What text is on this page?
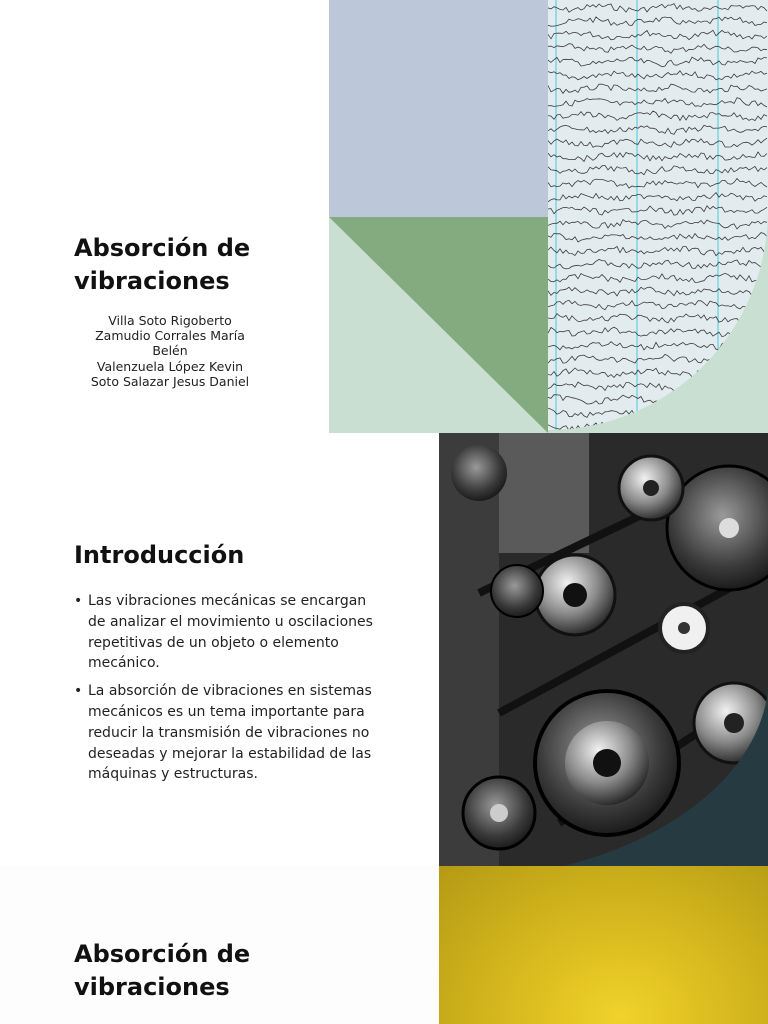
Absorción de vibraciones
Villa Soto Rigoberto
Zamudio Corrales María
Belén
Valenzuela López Kevin
Soto Salazar Jesus Daniel
Introducción
• Las vibraciones mecánicas se encargan de analizar el movimiento u oscilaciones repetitivas de un objeto o elemento mecánico.
• La absorción de vibraciones en sistemas mecánicos es un tema importante para reducir la transmisión de vibraciones no deseadas y mejorar la estabilidad de las máquinas y estructuras.
Absorción de vibraciones
